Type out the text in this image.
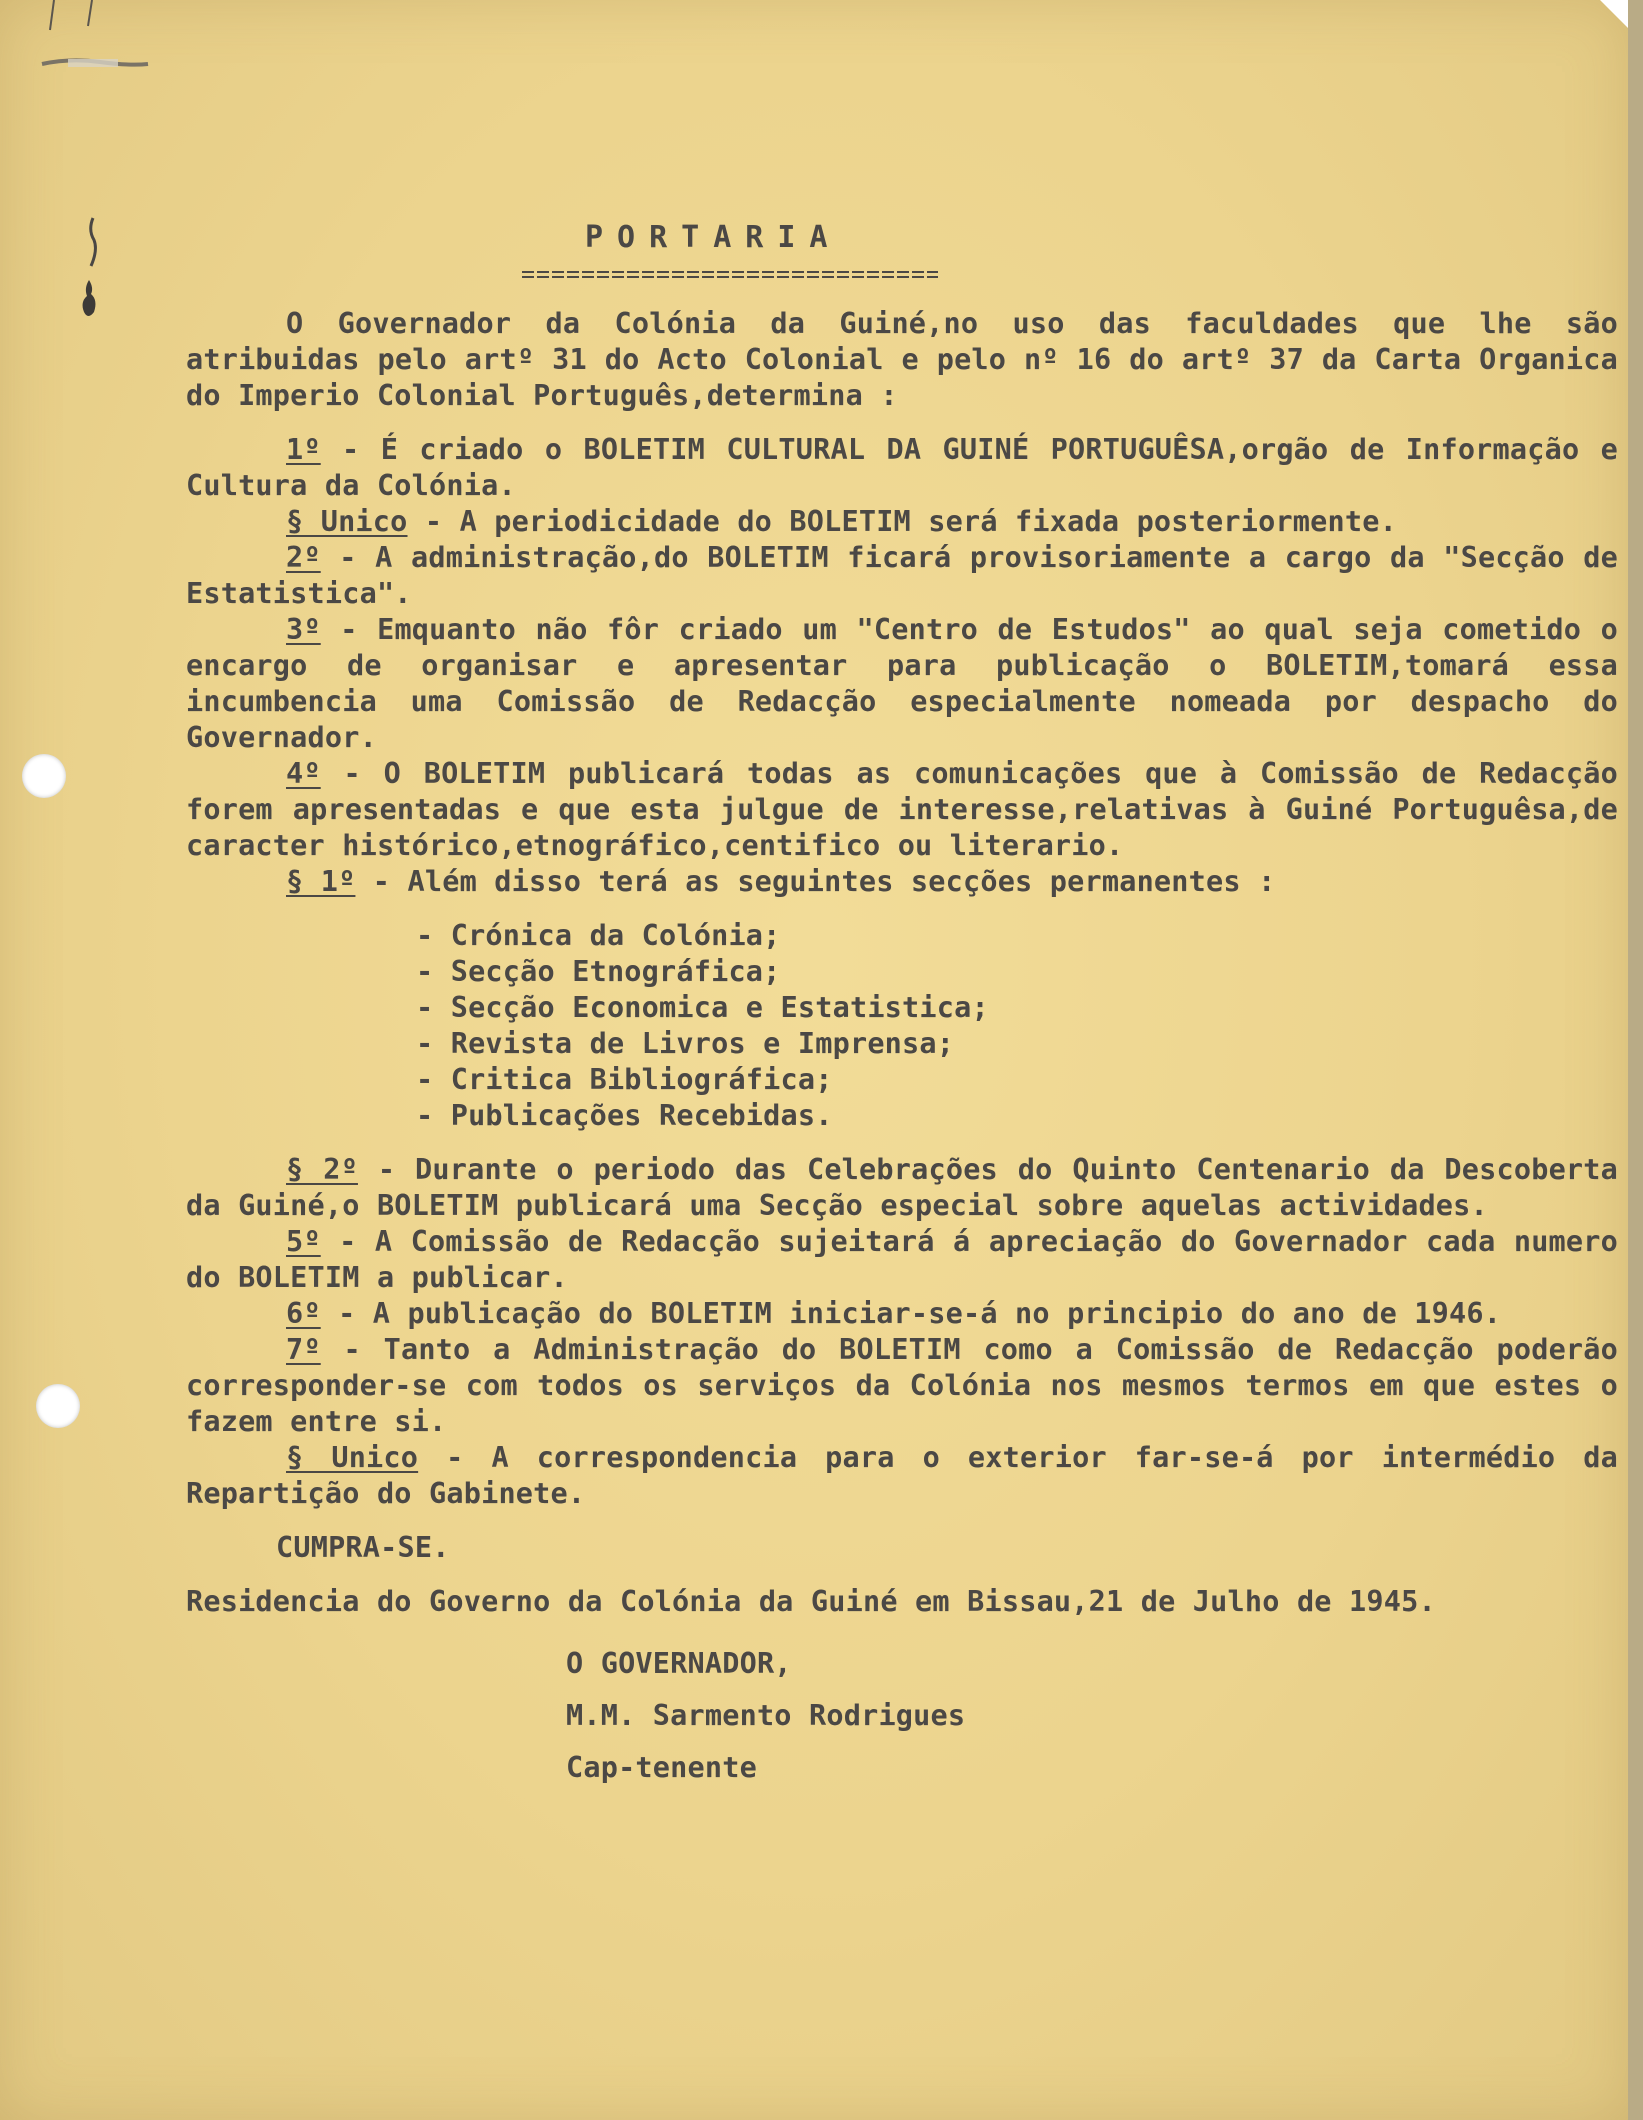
PORTARIA

O Governador da Colónia da Guiné,no uso das faculdades que lhe são atribuidas pelo artº 31 do Acto Colonial e pelo nº 16 do artº 37 da Carta Organica do Imperio Colonial Português,determina :

1º - É criado o BOLETIM CULTURAL DA GUINÉ PORTUGUÊSA,orgão de Informação e Cultura da Colónia.

§ Unico - A periodicidade do BOLETIM será fixada posteriormente.

2º - A administração,do BOLETIM ficará provisoriamente a cargo da "Secção de Estatistica".

3º - Emquanto não fôr criado um "Centro de Estudos" ao qual seja cometido o encargo de organisar e apresentar para publicação o BOLETIM,tomará essa incumbencia uma Comissão de Redacção especialmente nomeada por despacho do Governador.

4º - O BOLETIM publicará todas as comunicações que à Comissão de Redacção forem apresentadas e que esta julgue de interesse,relativas à Guiné Portuguêsa,de caracter histórico,etnográfico,centifico ou literario.

§ 1º - Além disso terá as seguintes secções permanentes :

- Crónica da Colónia;
- Secção Etnográfica;
- Secção Economica e Estatistica;
- Revista de Livros e Imprensa;
- Critica Bibliográfica;
- Publicações Recebidas.

§ 2º - Durante o periodo das Celebrações do Quinto Centenario da Descoberta da Guiné,o BOLETIM publicará uma Secção especial sobre aquelas actividades.

5º - A Comissão de Redacção sujeitará á apreciação do Governador cada numero do BOLETIM a publicar.

6º - A publicação do BOLETIM iniciar-se-á no principio do ano de 1946.

7º - Tanto a Administração do BOLETIM como a Comissão de Redacção poderão corresponder-se com todos os serviços da Colónia nos mesmos termos em que estes o fazem entre si.

§ Unico - A correspondencia para o exterior far-se-á por intermédio da Repartição do Gabinete.

CUMPRA-SE.

Residencia do Governo da Colónia da Guiné em Bissau,21 de Julho de 1945.

O GOVERNADOR,

M.M. Sarmento Rodrigues

Cap-tenente
